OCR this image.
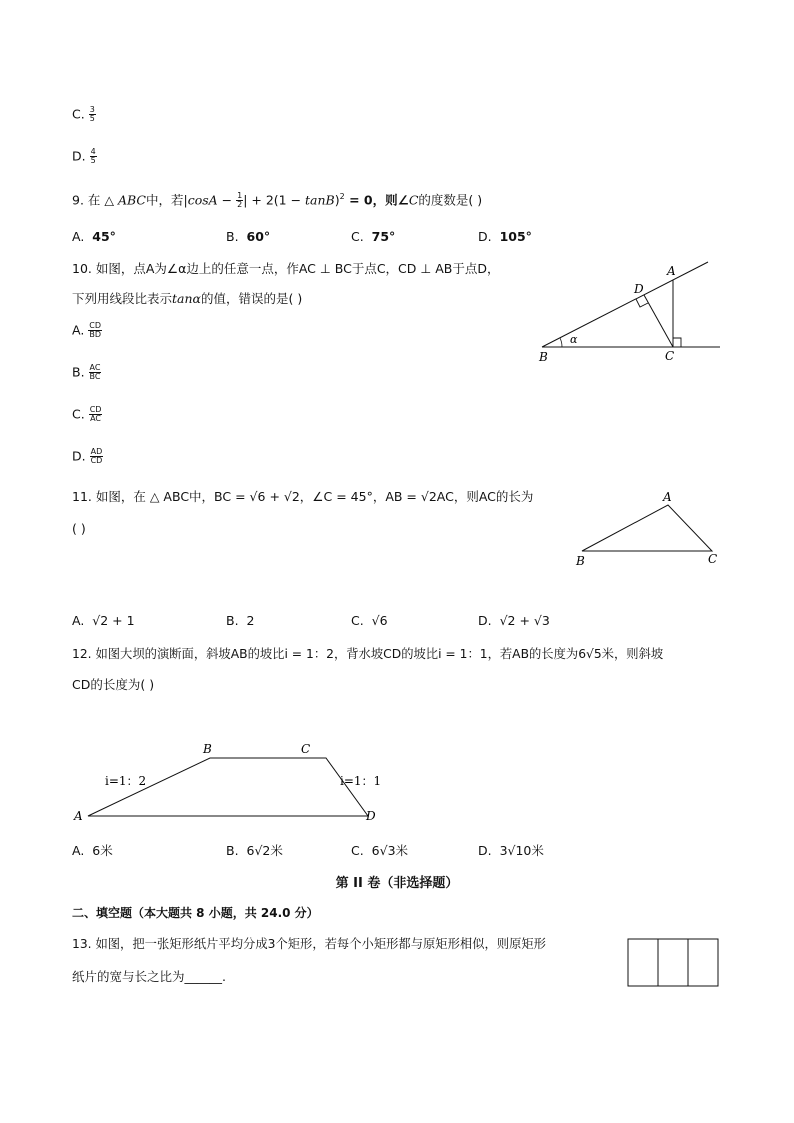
C. $\frac{3}{5}$
D. $\frac{4}{5}$
9. 在 △ ABC中，若$|\cos A - \frac{1}{2}$ | + $2(1 - \tan B)^2 = 0$，则∠C的度数是( )
A. 45°	B. 60°	C. 75°	D. 105°
10. 如图，点A为∠α边上的任意一点，作AC ⊥ BC于点C，CD ⊥ AB于点D，
下列用线段比表示tanα的值，错误的是( )
A. $\frac{CD}{BD}$
B. $\frac{AC}{BC}$
C. $\frac{CD}{AC}$
D. $\frac{AD}{CD}$
A
B	C
D
α
11. 如图，在 △ ABC中，BC = √6 + √2，∠C = 45°，AB = √2AC，则AC的长为
( )
A
B	C
A. √2 + 1	B. 2	C. √6	D. √2 + √3
12. 如图大坝的演断面，斜坡AB的坡比i = 1：2，背水坡CD的坡比i = 1：1，若AB的长度为6√5米，则斜坡
CD的长度为( )
A
B	C
D
i=1：2	i=1：1
A. 6米	B. 6√2米	C. 6√3米	D. 3√10米
第 II 卷（非选择题）
二、填空题（本大题共 8 小题，共 24.0 分）
13. 如图，把一张矩形纸片平均分成3个矩形，若每个小矩形都与原矩形相似，则原矩形
纸片的宽与长之比为______.
